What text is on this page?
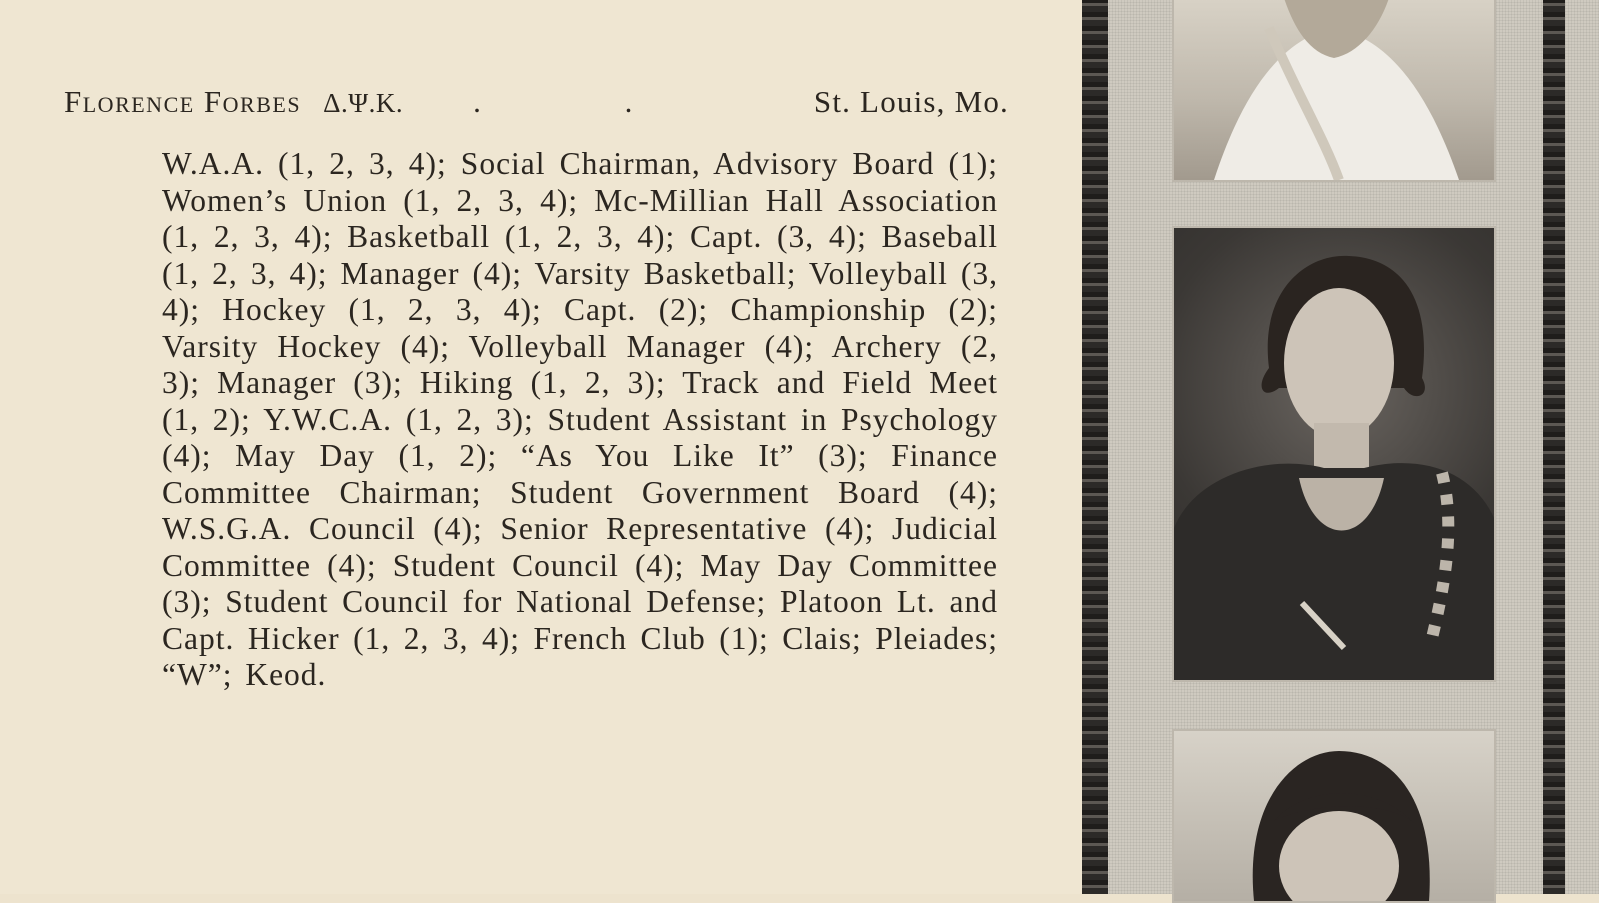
Florence Forbes Δ.Ψ.K. . .	St. Louis, Mo.

W.A.A. (1, 2, 3, 4); Social Chairman, Advisory Board (1); Women’s Union (1, 2, 3, 4); Mc-Millian Hall Association (1, 2, 3, 4); Basketball (1, 2, 3, 4); Capt. (3, 4); Baseball (1, 2, 3, 4); Manager (4); Varsity Basketball; Volleyball (3, 4); Hockey (1, 2, 3, 4); Capt. (2); Championship (2); Varsity Hockey (4); Volleyball Manager (4); Archery (2, 3); Manager (3); Hiking (1, 2, 3); Track and Field Meet (1, 2); Y.W.C.A. (1, 2, 3); Student Assistant in Psychology (4); May Day (1, 2); “As You Like It” (3); Finance Committee Chairman; Student Government Board (4); W.S.G.A. Council (4); Senior Representative (4); Judicial Committee (4); Student Council (4); May Day Committee (3); Student Council for National Defense; Platoon Lt. and Capt. Hicker (1, 2, 3, 4); French Club (1); Clais; Pleiades; “W”; Keod.
